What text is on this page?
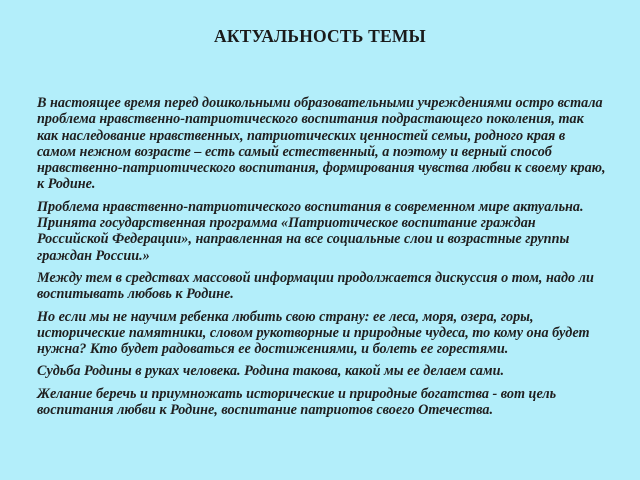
АКТУАЛЬНОСТЬ ТЕМЫ

В настоящее время перед дошкольными образовательными учреждениями остро встала проблема нравственно-патриотического воспитания подрастающего поколения, так как наследование нравственных, патриотических ценностей семьи, родного края в самом нежном возрасте – есть самый естественный, а поэтому и верный способ нравственно-патриотического воспитания, формирования чувства любви к своему краю, к Родине.

Проблема нравственно-патриотического воспитания в современном мире актуальна. Принята государственная программа «Патриотическое воспитание граждан Российской Федерации», направленная на все социальные слои и возрастные группы граждан России.»

Между тем в средствах массовой информации продолжается дискуссия о том, надо ли воспитывать любовь к Родине.

Но если мы не научим ребенка любить свою страну: ее леса, моря, озера, горы, исторические памятники, словом рукотворные и природные чудеса, то кому она будет нужна? Кто будет радоваться ее достижениями, и болеть ее горестями.

Судьба Родины в руках человека. Родина такова, какой мы ее делаем сами.

Желание беречь и приумножать исторические и природные богатства - вот цель воспитания любви к Родине, воспитание патриотов своего Отечества.
